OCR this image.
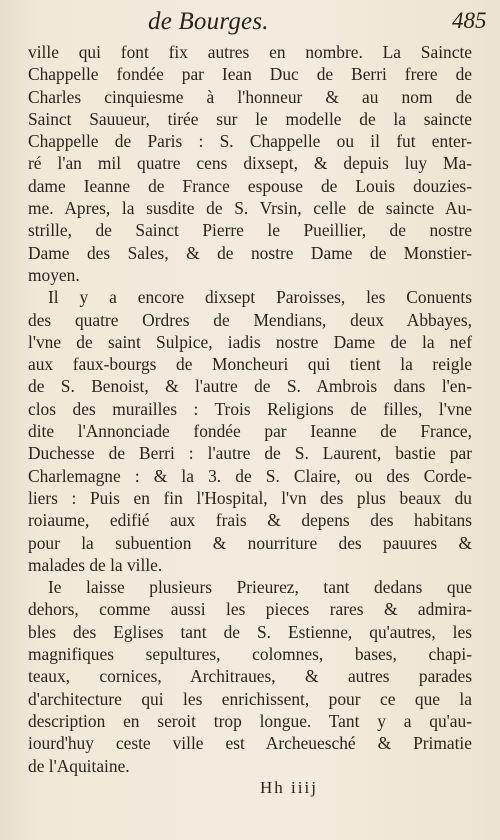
de Bourges.	485
ville qui font fix autres en nombre. La Saincte
Chappelle fondée par Iean Duc de Berri frere de
Charles cinquiesme à l'honneur & au nom de
Sainct Sauueur, tirée sur le modelle de la saincte
Chappelle de Paris : S. Chappelle ou il fut enter-
ré l'an mil quatre cens dixsept, & depuis luy Ma-
dame Ieanne de France espouse de Louis douzies-
me. Apres, la susdite de S. Vrsin, celle de saincte Au-
strille, de Sainct Pierre le Pueillier, de nostre
Dame des Sales, & de nostre Dame de Monstier-
moyen.
Il y a encore dixsept Paroisses, les Conuents
des quatre Ordres de Mendians, deux Abbayes,
l'vne de saint Sulpice, iadis nostre Dame de la nef
aux faux-bourgs de Moncheuri qui tient la reigle
de S. Benoist, & l'autre de S. Ambrois dans l'en-
clos des murailles : Trois Religions de filles, l'vne
dite l'Annonciade fondée par Ieanne de France,
Duchesse de Berri : l'autre de S. Laurent, bastie par
Charlemagne : & la 3. de S. Claire, ou des Corde-
liers : Puis en fin l'Hospital, l'vn des plus beaux du
roiaume, edifié aux frais & depens des habitans
pour la subuention & nourriture des pauures &
malades de la ville.
Ie laisse plusieurs Prieurez, tant dedans que
dehors, comme aussi les pieces rares & admira-
bles des Eglises tant de S. Estienne, qu'autres, les
magnifiques sepultures, colomnes, bases, chapi-
teaux, cornices, Architraues, & autres parades
d'architecture qui les enrichissent, pour ce que la
description en seroit trop longue. Tant y a qu'au-
iourd'huy ceste ville est Archeuesché & Primatie
de l'Aquitaine.
Hh iiij
